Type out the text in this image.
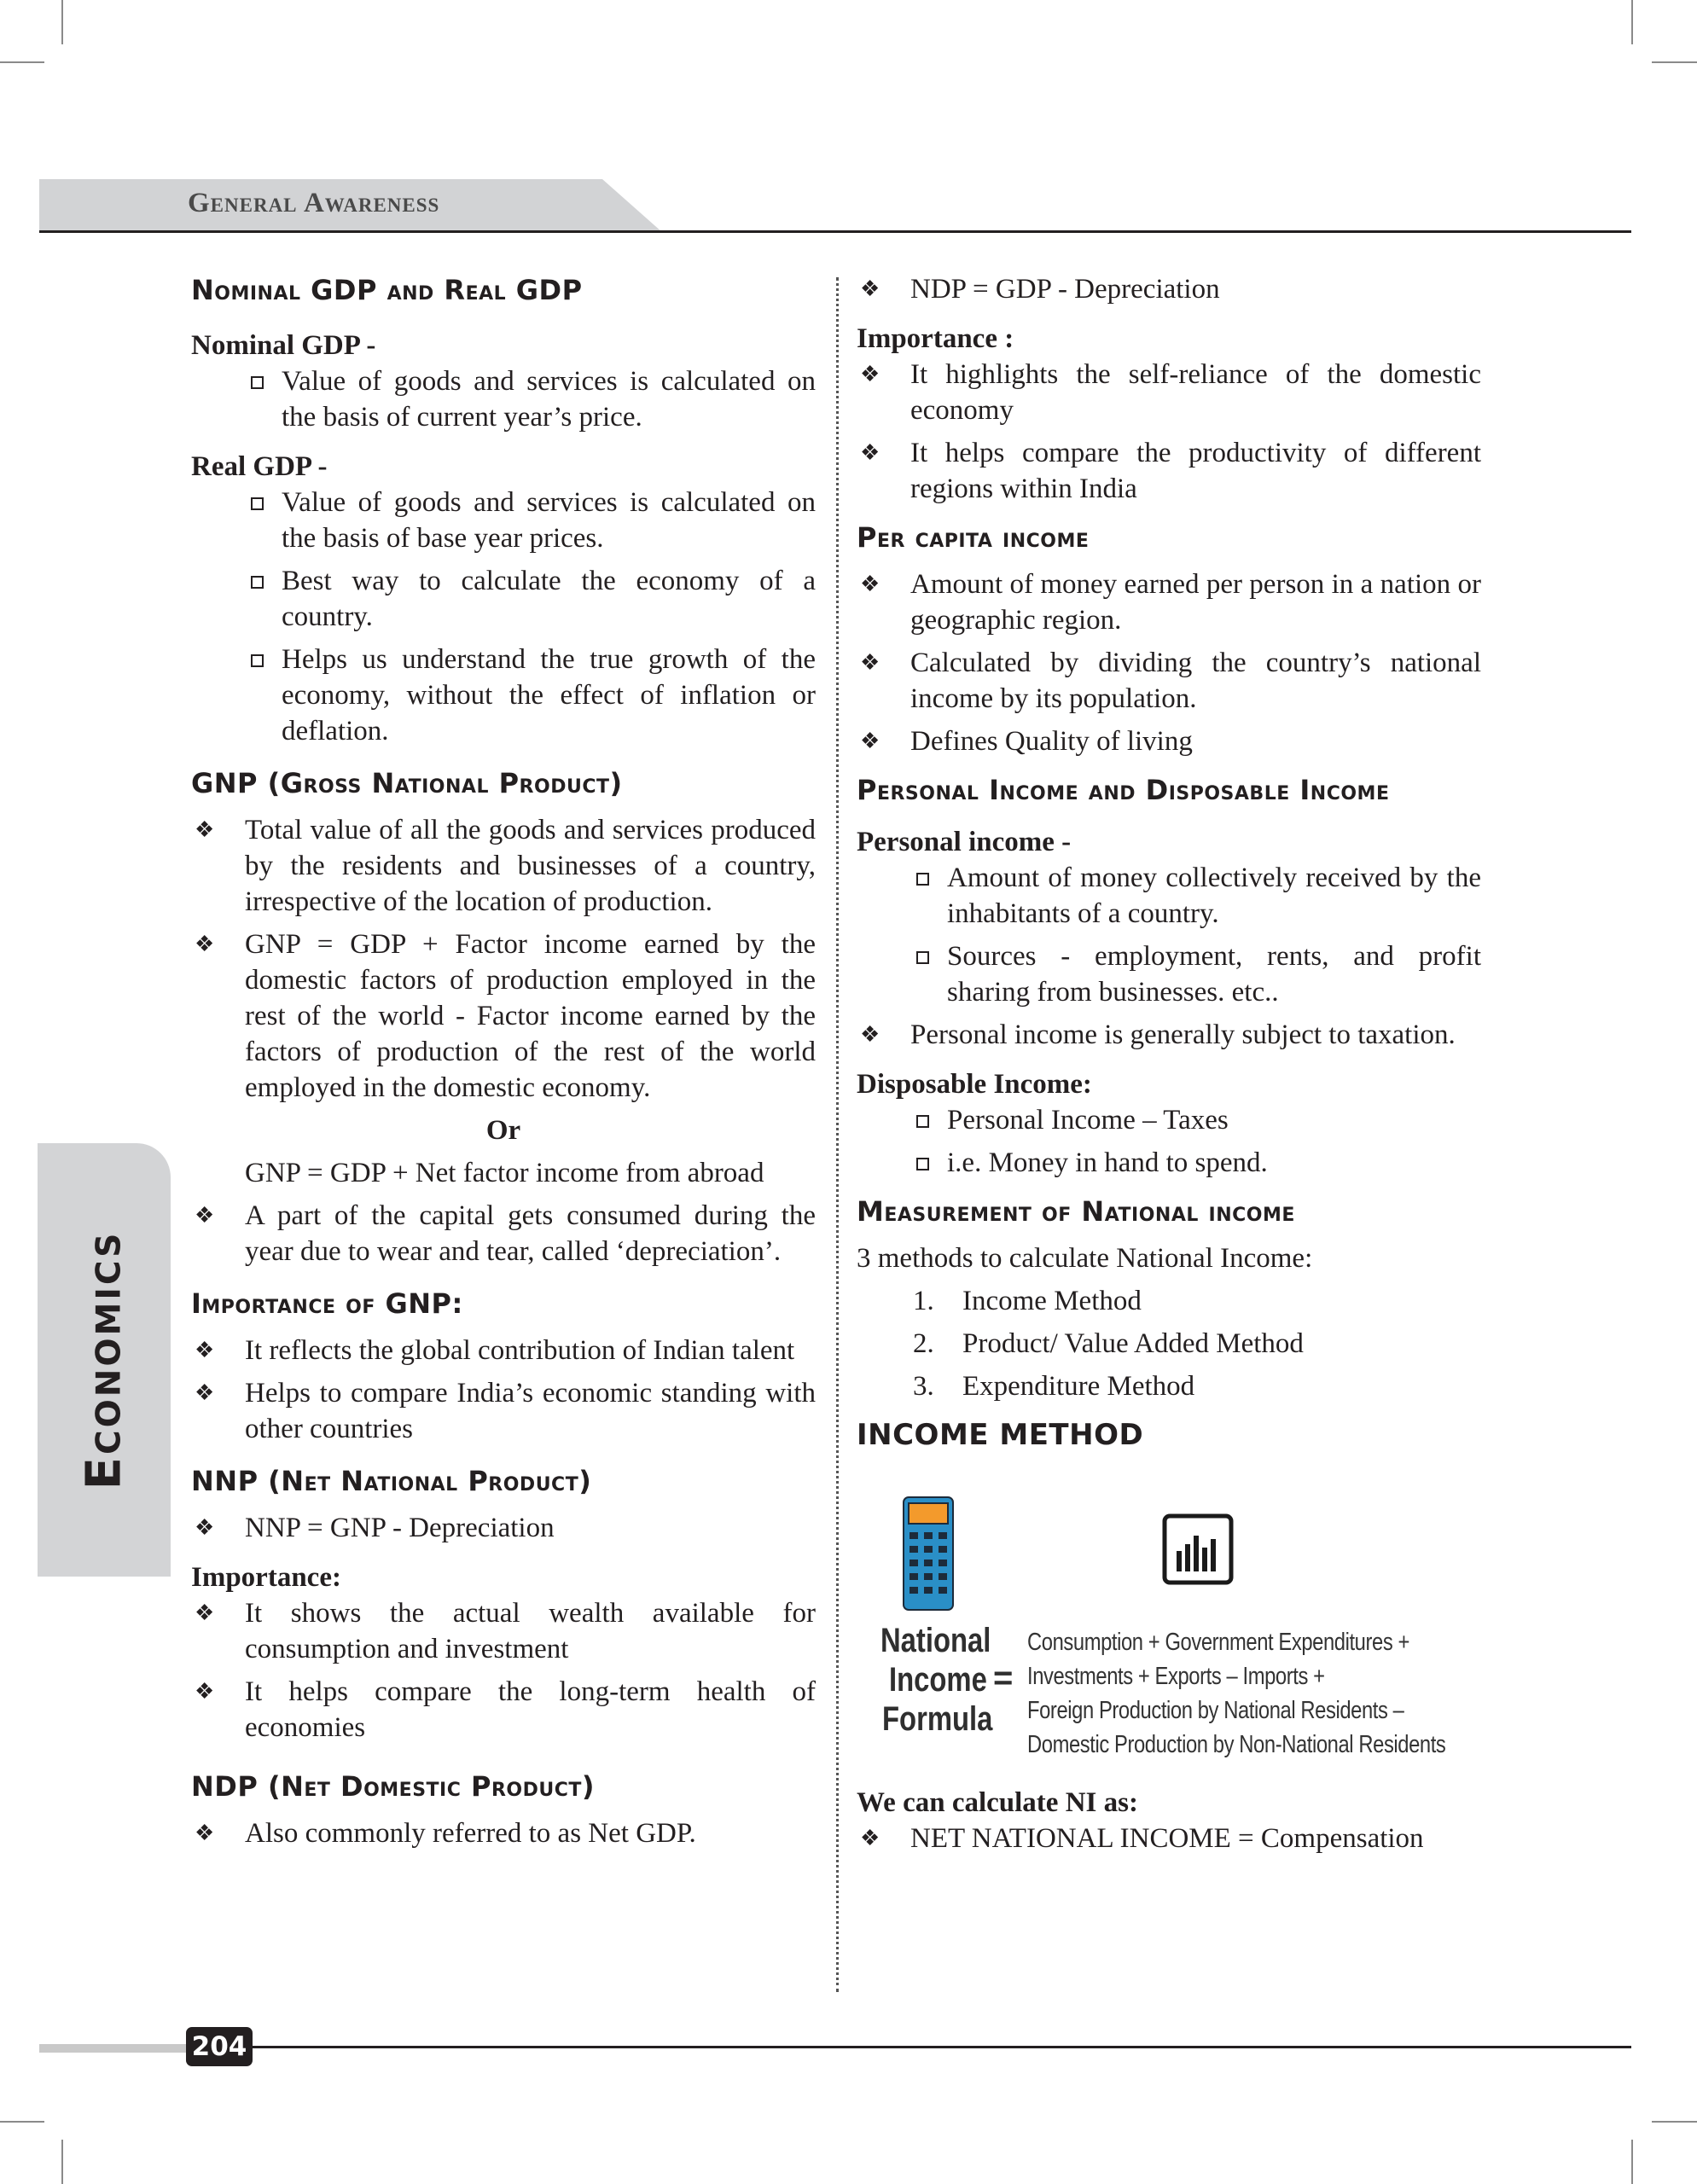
General Awareness
Economics

Nominal GDP and Real GDP

Nominal GDP -

Value of goods and services is calculated on the basis of current year’s price.

Real GDP -

Value of goods and services is calculated on the basis of base year prices.

Best way to calculate the economy of a country.

Helps us understand the true growth of the economy, without the effect of inflation or deflation.

GNP (Gross National Product)

❖ Total value of all the goods and services produced by the residents and businesses of a country, irrespective of the location of production.

❖ GNP = GDP + Factor income earned by the domestic factors of production employed in the rest of the world - Factor income earned by the factors of production of the rest of the world employed in the domestic economy.

Or

GNP = GDP + Net factor income from abroad

❖ A part of the capital gets consumed during the year due to wear and tear, called ‘depreciation’.

Importance of GNP:

❖ It reflects the global contribution of Indian talent

❖ Helps to compare India’s economic standing with other countries

NNP (Net National Product)

❖ NNP = GNP - Depreciation

Importance:

❖ It shows the actual wealth available for consumption and investment

❖ It helps compare the long-term health of economies

NDP (Net Domestic Product)

❖ Also commonly referred to as Net GDP.

❖ NDP = GDP - Depreciation

Importance :

❖ It highlights the self-reliance of the domestic economy

❖ It helps compare the productivity of different regions within India

Per capita income

❖ Amount of money earned per person in a nation or geographic region.

❖ Calculated by dividing the country’s national income by its population.

❖ Defines Quality of living

Personal Income and Disposable Income

Personal income -

Amount of money collectively received by the inhabitants of a country.

Sources - employment, rents, and profit sharing from businesses. etc..

❖ Personal income is generally subject to taxation.

Disposable Income:

Personal Income – Taxes

i.e. Money in hand to spend.

Measurement of National income

3 methods to calculate National Income:

1. Income Method

2. Product/ Value Added Method

3. Expenditure Method

INCOME METHOD

National
Income
Formula
=
Consumption + Government Expenditures +
Investments + Exports – Imports +
Foreign Production by National Residents –
Domestic Production by Non-National Residents

We can calculate NI as:

❖ NET NATIONAL INCOME = Compensation

204
